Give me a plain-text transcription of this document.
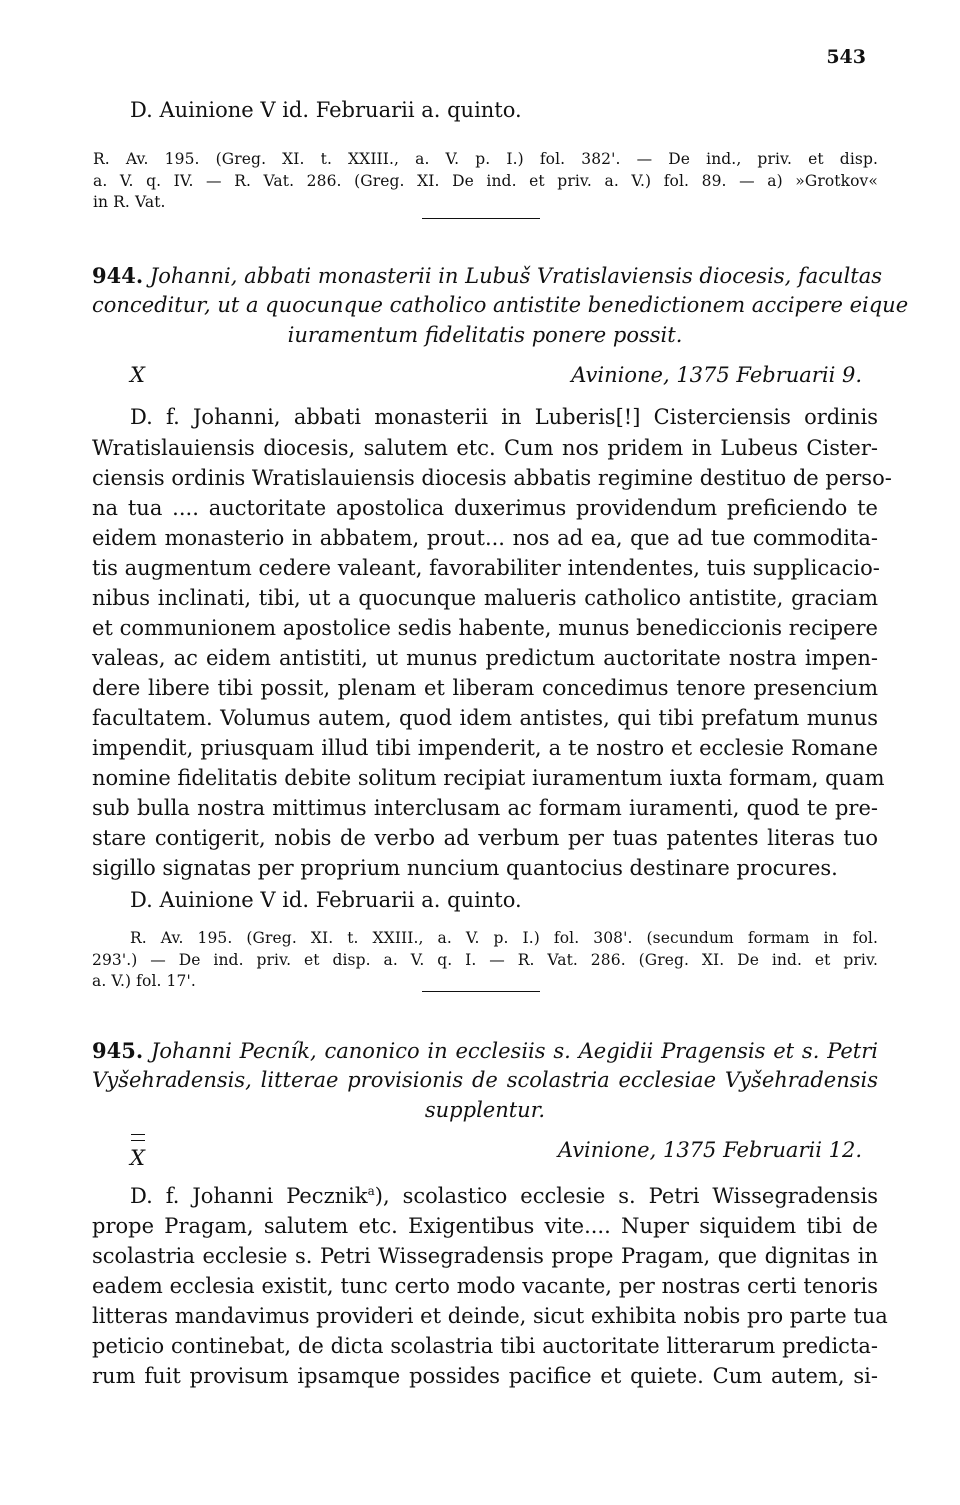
543
D. Auinione V id. Februarii a. quinto.
R. Av. 195. (Greg. XI. t. XXIII., a. V. p. I.) fol. 382'. — De ind., priv. et disp.
a. V. q. IV. — R. Vat. 286. (Greg. XI. De ind. et priv. a. V.) fol. 89. — a) »Grotkov«
in R. Vat.
944. Johanni, abbati monasterii in Lubuš Vratislaviensis diocesis, facultas
conceditur, ut a quocunque catholico antistite benedictionem accipere eique
iuramentum fidelitatis ponere possit.
X	Avinione, 1375 Februarii 9.
D. f. Johanni, abbati monasterii in Luberis[!] Cisterciensis ordinis
Wratislauiensis diocesis, salutem etc. Cum nos pridem in Lubeus Cister-
ciensis ordinis Wratislauiensis diocesis abbatis regimine destituo de perso-
na tua .... auctoritate apostolica duxerimus providendum preficiendo te
eidem monasterio in abbatem, prout... nos ad ea, que ad tue commodita-
tis augmentum cedere valeant, favorabiliter intendentes, tuis supplicacio-
nibus inclinati, tibi, ut a quocunque malueris catholico antistite, graciam
et communionem apostolice sedis habente, munus benediccionis recipere
valeas, ac eidem antistiti, ut munus predictum auctoritate nostra impen-
dere libere tibi possit, plenam et liberam concedimus tenore presencium
facultatem. Volumus autem, quod idem antistes, qui tibi prefatum munus
impendit, priusquam illud tibi impenderit, a te nostro et ecclesie Romane
nomine fidelitatis debite solitum recipiat iuramentum iuxta formam, quam
sub bulla nostra mittimus interclusam ac formam iuramenti, quod te pre-
stare contigerit, nobis de verbo ad verbum per tuas patentes literas tuo
sigillo signatas per proprium nuncium quantocius destinare procures.
D. Auinione V id. Februarii a. quinto.
R. Av. 195. (Greg. XI. t. XXIII., a. V. p. I.) fol. 308'. (secundum formam in fol.
293'.) — De ind. priv. et disp. a. V. q. I. — R. Vat. 286. (Greg. XI. De ind. et priv.
a. V.) fol. 17'.
945. Johanni Pecník, canonico in ecclesiis s. Aegidii Pragensis et s. Petri
Vyšehradensis, litterae provisionis de scolastria ecclesiae Vyšehradensis
supplentur.
X	Avinione, 1375 Februarii 12.
D. f. Johanni Pecznik$^a$), scolastico ecclesie s. Petri Wissegradensis
prope Pragam, salutem etc. Exigentibus vite.... Nuper siquidem tibi de
scolastria ecclesie s. Petri Wissegradensis prope Pragam, que dignitas in
eadem ecclesia existit, tunc certo modo vacante, per nostras certi tenoris
litteras mandavimus provideri et deinde, sicut exhibita nobis pro parte tua
peticio continebat, de dicta scolastria tibi auctoritate litterarum predicta-
rum fuit provisum ipsamque possides pacifice et quiete. Cum autem, si-
